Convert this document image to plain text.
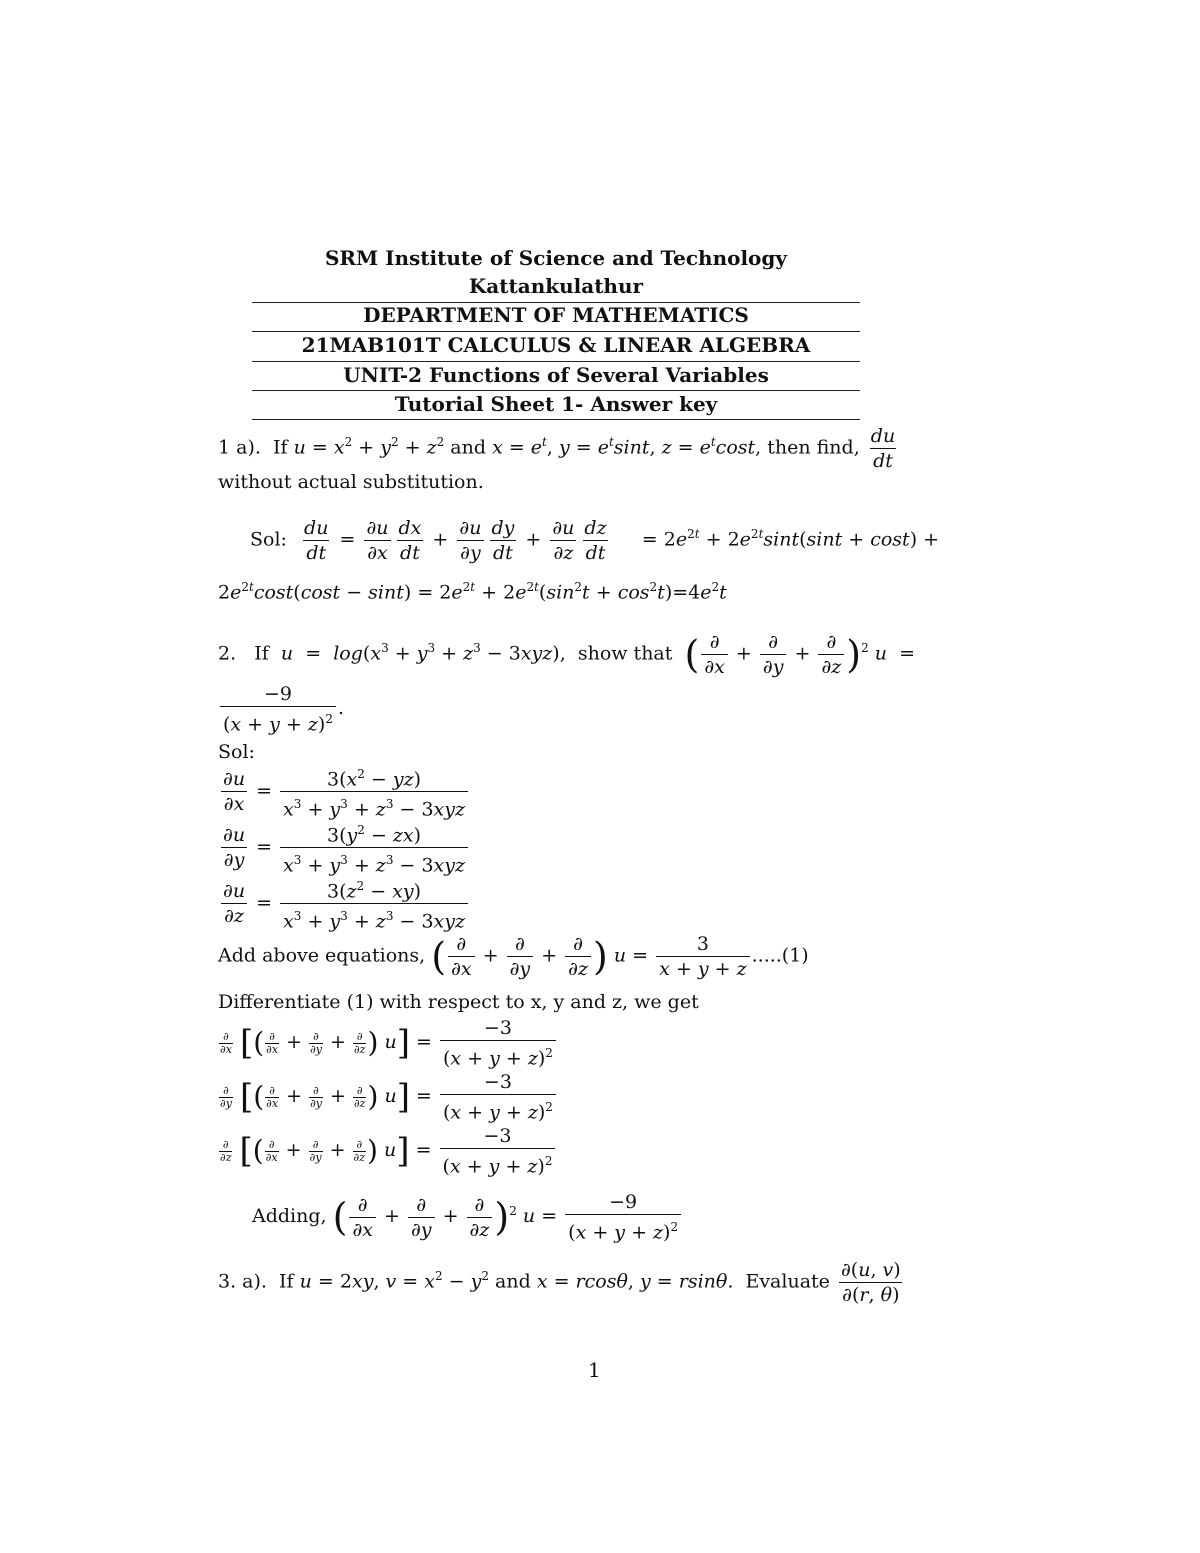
SRM Institute of Science and Technology
Kattankulathur
DEPARTMENT OF MATHEMATICS
21MAB101T CALCULUS & LINEAR ALGEBRA
UNIT-2 Functions of Several Variables
Tutorial Sheet 1- Answer key
1 a). If $u = x^2 + y^2 + z^2$ and $x = e^t$, $y = e^t\sin t$, $z = e^t\cos t$, then find, $\frac{du}{dt}$
without actual substitution.
Sol: $\frac{du}{dt} = \frac{\partial u}{\partial x} \frac{dx}{dt} + \frac{\partial u}{\partial y} \frac{dy}{dt} + \frac{\partial u}{\partial z} \frac{dz}{dt} = 2e^{2t} + 2e^{2t}\sin t(\sin t + \cos t)$ +
$2e^{2t}\cos t(\cos t - \sin t) = 2e^{2t} + 2e^{2t}(\sin^2t + \cos^2t)=4e^2t$
2. If $u = \log(x^3 + y^3 + z^3 - 3xyz)$,  show that ( $\frac{\partial}{\partial x} + \frac{\partial}{\partial y} + \frac{\partial}{\partial z} )^2$ u  =
$\frac{-9}{(x + y + z)^2}$ .
Sol:
$\frac{\partial u}{\partial x} = \frac{3(x^2 - yz)}{x^3 + y^3 + z^3 - 3xyz}$
$\frac{\partial u}{\partial y} = \frac{3(y^2 - zx)}{x^3 + y^3 + z^3 - 3xyz}$
$\frac{\partial u}{\partial z} = \frac{3(z^2 - xy)}{x^3 + y^3 + z^3 - 3xyz}$
Add above equations, ( $\frac{\partial}{\partial x} + \frac{\partial}{\partial y} + \frac{\partial}{\partial z}$ ) $u = \frac{3}{x + y + z} .....(1)$
Differentiate (1) with respect to x, y and z, we get
$\frac{\partial}{\partial x}$ [( $\frac{\partial}{\partial x} + \frac{\partial}{\partial y} + \frac{\partial}{\partial z}$ ) $u] = \frac{-3}{(x + y + z)^2}$
$\frac{\partial}{\partial y}$ [( $\frac{\partial}{\partial x} + \frac{\partial}{\partial y} + \frac{\partial}{\partial z}$ ) $u] = \frac{-3}{(x + y + z)^2}$
$\frac{\partial}{\partial z}$ [( $\frac{\partial}{\partial x} + \frac{\partial}{\partial y} + \frac{\partial}{\partial z}$ ) $u] = \frac{-3}{(x + y + z)^2}$
Adding, ( $\frac{\partial}{\partial x} + \frac{\partial}{\partial y} + \frac{\partial}{\partial z} )^2$ $u = \frac{-9}{(x + y + z)^2}$
3. a). If u = 2xy, $v = x^2 - y^2$ and x = rcosθ, y = rsinθ.  Evaluate $\frac{\partial(u, v)}{\partial(r, \theta)}$
1
